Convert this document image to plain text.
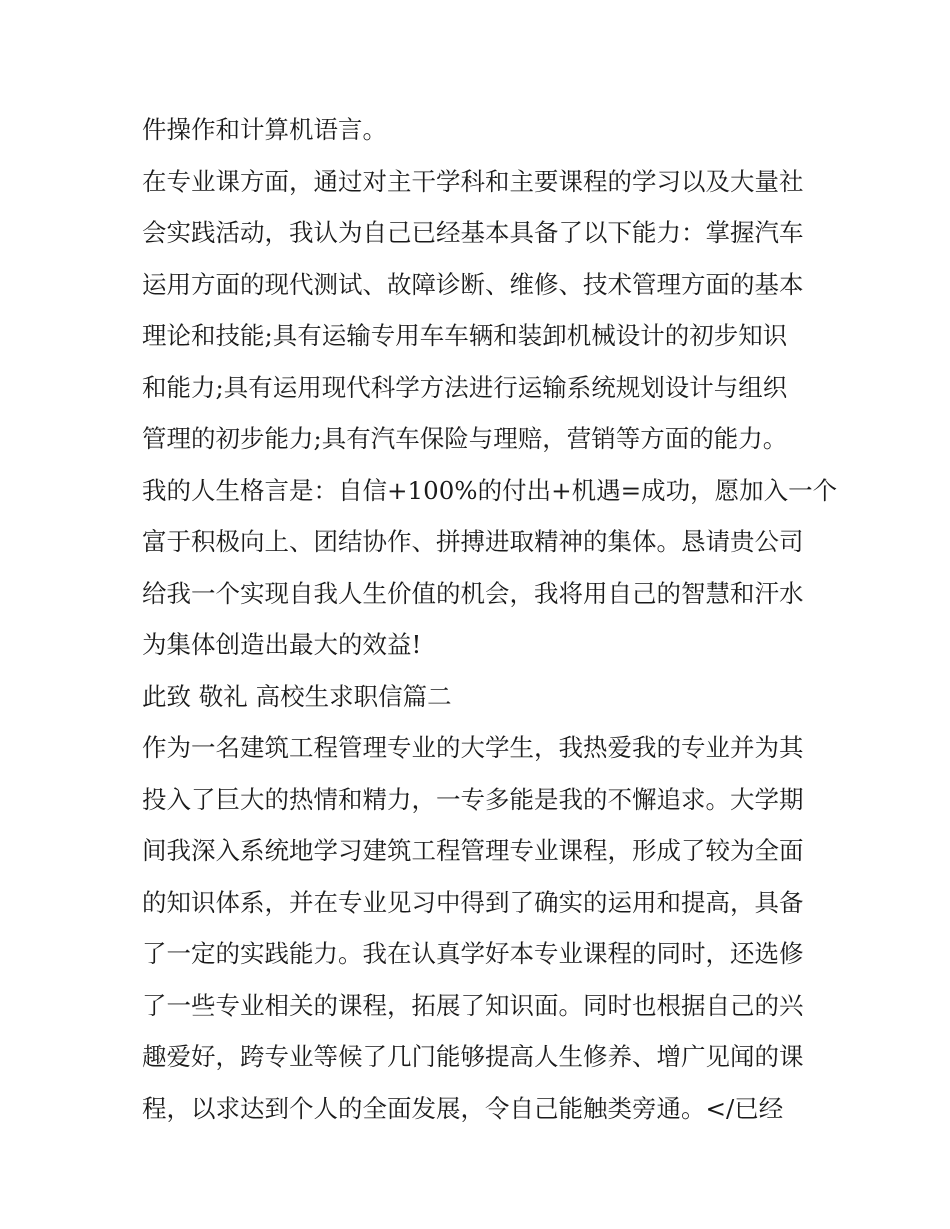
件操作和计算机语言。
在专业课方面，通过对主干学科和主要课程的学习以及大量社
会实践活动，我认为自己已经基本具备了以下能力：掌握汽车
运用方面的现代测试、故障诊断、维修、技术管理方面的基本
理论和技能;具有运输专用车车辆和装卸机械设计的初步知识
和能力;具有运用现代科学方法进行运输系统规划设计与组织
管理的初步能力;具有汽车保险与理赔，营销等方面的能力。
我的人生格言是：自信+100%的付出+机遇=成功，愿加入一个
富于积极向上、团结协作、拼搏进取精神的集体。恳请贵公司
给我一个实现自我人生价值的机会，我将用自己的智慧和汗水
为集体创造出最大的效益!
此致 敬礼 高校生求职信篇二
作为一名建筑工程管理专业的大学生，我热爱我的专业并为其
投入了巨大的热情和精力，一专多能是我的不懈追求。大学期
间我深入系统地学习建筑工程管理专业课程，形成了较为全面
的知识体系，并在专业见习中得到了确实的运用和提高，具备
了一定的实践能力。我在认真学好本专业课程的同时，还选修
了一些专业相关的课程，拓展了知识面。同时也根据自己的兴
趣爱好，跨专业等候了几门能够提高人生修养、增广见闻的课
程，以求达到个人的全面发展，令自己能触类旁通。</已经
